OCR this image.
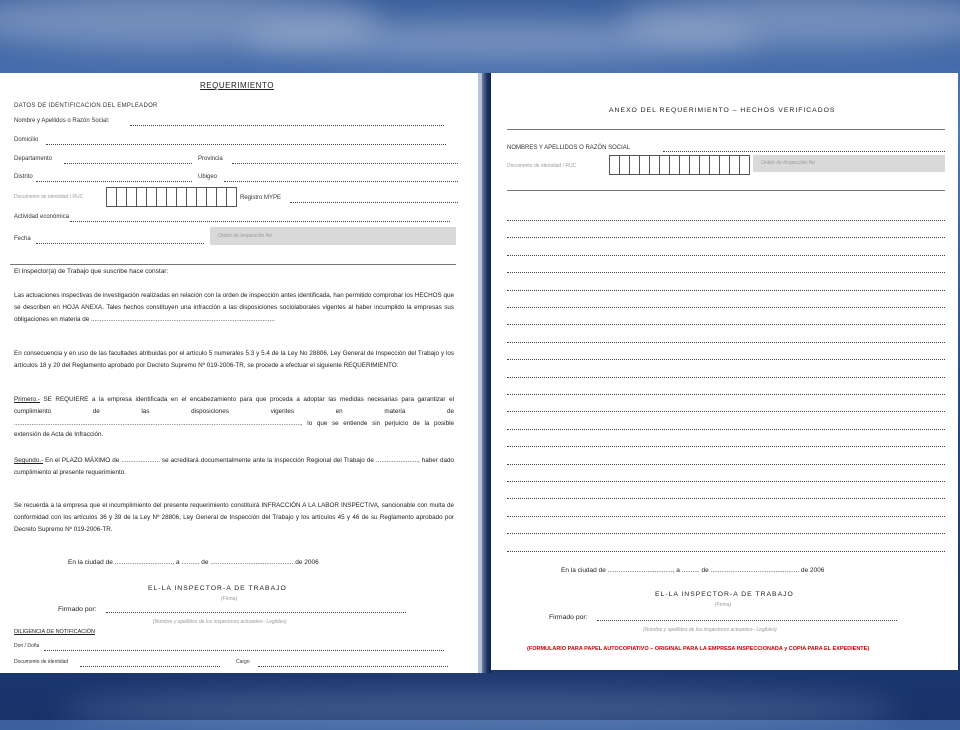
REQUERIMIENTO
DATOS DE IDENTIFICACION DEL EMPLEADOR
Nombre y Apellidos o Razón Social:
Domicilio
Departamento	Provincia
Distrito	Ubigeo
Documento de identidad / RUC	Registro MYPE
Actividad económica
Fecha	Orden de Inspección No
El Inspector(a) de Trabajo que suscribe hace constar:
Las actuaciones inspectivas de investigación realizadas en relación con la orden de inspección antes identificada, han permitido comprobar los HECHOS que se describen en HOJA ANEXA. Tales hechos constituyen una infracción a las disposiciones sociolaborales vigentes al haber incumplido la empresas sus obligaciones en materia de .........................................................................................................
En consecuencia y en uso de las facultades atribuidas por el artículo 5 numerales 5.3 y 5.4 de la Ley No 28806, Ley General de Inspección del Trabajo y los artículos 18 y 20 del Reglamento aprobado por Decreto Supremo Nº 019-2006-TR, se procede a efectuar el siguiente REQUERIMIENTO:
Primero.- SE REQUIERE a la empresa identificada en el encabezamiento para que proceda a adoptar las medidas necesarias para garantizar el cumplimiento de las disposiciones vigentes en materia de ...................................................................................................................................................................., lo que se entiende sin perjuicio de la posible extensión de Acta de Infracción.
Segundo.- En el PLAZO MÁXIMO de ...................... se acreditará documentalmente ante la Inspección Regional del Trabajo de ........................, haber dado cumplimiento al presente requerimiento.
Se recuerda a la empresa que el incumplimiento del presente requerimiento constituirá INFRACCIÓN A LA LABOR INSPECTIVA, sancionable con multa de conformidad con los artículos 36 y 39 de la Ley Nº 28806, Ley General de Inspección del Trabajo y los artículos 45 y 46 de su Reglamento aprobado por Decreto Supremo Nº 019-2006-TR.
En la ciudad de ................................, a .......... de .............................................. de 2006
EL-LA INSPECTOR-A DE TRABAJO
(Firma)
Firmado por:
(Nombre y apellidos de los inspectores actuantes– Legibles)
DILIGENCIA DE NOTIFICACIÓN
Don / Doña
Documento de identidad	Cargo
ANEXO DEL REQUERIMIENTO – HECHOS VERIFICADOS
NOMBRES Y APELLIDOS O RAZÓN SOCIAL
Documento de identidad / RUC	Orden de Inspección No
En la ciudad de ...................................., a .......... de ................................................. de 2006
EL-LA INSPECTOR-A DE TRABAJO
(Firma)
Firmado por:
(Nombre y apellidos de los inspectores actuantes– Legibles)
(FORMULARIO PARA PAPEL AUTOCOPIATIVO – ORIGINAL PARA LA EMPRESA INSPECCIONADA y COPIA PARA EL EXPEDIENTE)
